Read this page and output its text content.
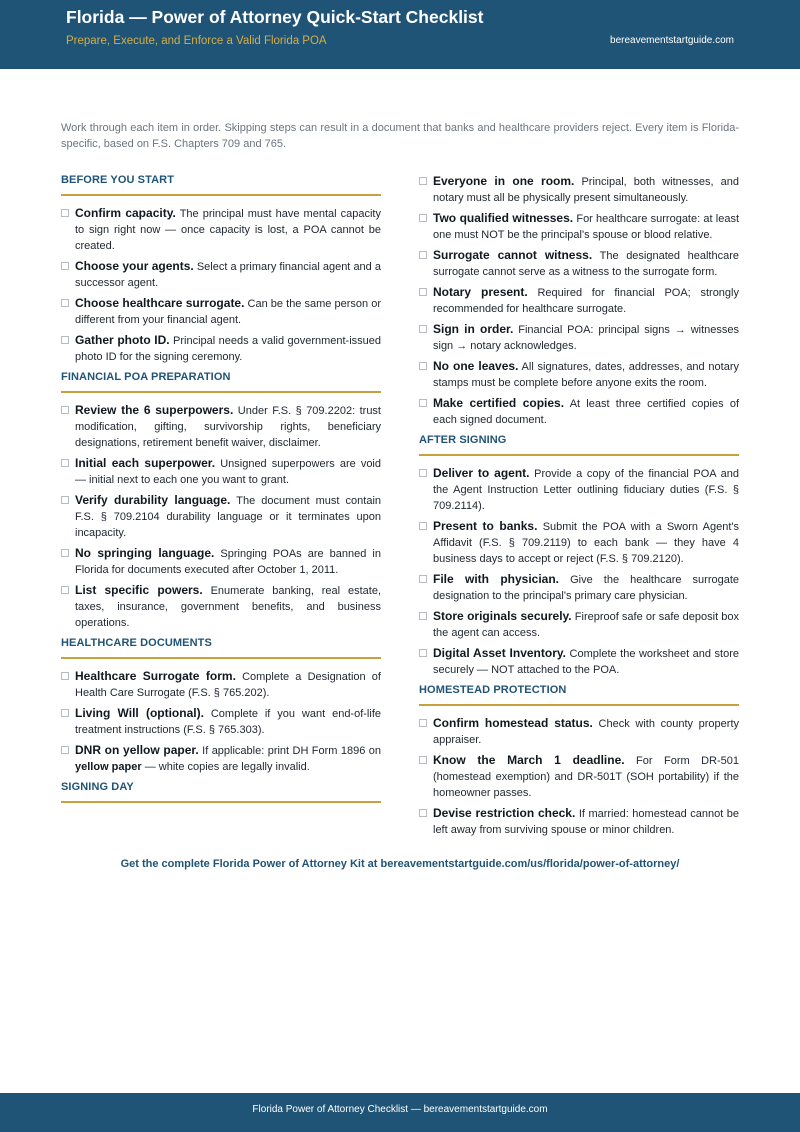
Florida — Power of Attorney Quick-Start Checklist
Prepare, Execute, and Enforce a Valid Florida POA	bereavementstartguide.com

Work through each item in order. Skipping steps can result in a document that banks and healthcare providers reject. Every item is Florida-specific, based on F.S. Chapters 709 and 765.

BEFORE YOU START
Confirm capacity. The principal must have mental capacity to sign right now — once capacity is lost, a POA cannot be created.
Choose your agents. Select a primary financial agent and a successor agent.
Choose healthcare surrogate. Can be the same person or different from your financial agent.
Gather photo ID. Principal needs a valid government-issued photo ID for the signing ceremony.
FINANCIAL POA PREPARATION
Review the 6 superpowers. Under F.S. § 709.2202: trust modification, gifting, survivorship rights, beneficiary designations, retirement benefit waiver, disclaimer.
Initial each superpower. Unsigned superpowers are void — initial next to each one you want to grant.
Verify durability language. The document must contain F.S. § 709.2104 durability language or it terminates upon incapacity.
No springing language. Springing POAs are banned in Florida for documents executed after October 1, 2011.
List specific powers. Enumerate banking, real estate, taxes, insurance, government benefits, and business operations.
HEALTHCARE DOCUMENTS
Healthcare Surrogate form. Complete a Designation of Health Care Surrogate (F.S. § 765.202).
Living Will (optional). Complete if you want end-of-life treatment instructions (F.S. § 765.303).
DNR on yellow paper. If applicable: print DH Form 1896 on yellow paper — white copies are legally invalid.
SIGNING DAY
Everyone in one room. Principal, both witnesses, and notary must all be physically present simultaneously.
Two qualified witnesses. For healthcare surrogate: at least one must NOT be the principal's spouse or blood relative.
Surrogate cannot witness. The designated healthcare surrogate cannot serve as a witness to the surrogate form.
Notary present. Required for financial POA; strongly recommended for healthcare surrogate.
Sign in order. Financial POA: principal signs → witnesses sign → notary acknowledges.
No one leaves. All signatures, dates, addresses, and notary stamps must be complete before anyone exits the room.
Make certified copies. At least three certified copies of each signed document.
AFTER SIGNING
Deliver to agent. Provide a copy of the financial POA and the Agent Instruction Letter outlining fiduciary duties (F.S. § 709.2114).
Present to banks. Submit the POA with a Sworn Agent's Affidavit (F.S. § 709.2119) to each bank — they have 4 business days to accept or reject (F.S. § 709.2120).
File with physician. Give the healthcare surrogate designation to the principal's primary care physician.
Store originals securely. Fireproof safe or safe deposit box the agent can access.
Digital Asset Inventory. Complete the worksheet and store securely — NOT attached to the POA.
HOMESTEAD PROTECTION
Confirm homestead status. Check with county property appraiser.
Know the March 1 deadline. For Form DR-501 (homestead exemption) and DR-501T (SOH portability) if the homeowner passes.
Devise restriction check. If married: homestead cannot be left away from surviving spouse or minor children.
Get the complete Florida Power of Attorney Kit at bereavementstartguide.com/us/florida/power-of-attorney/
Florida Power of Attorney Checklist — bereavementstartguide.com
